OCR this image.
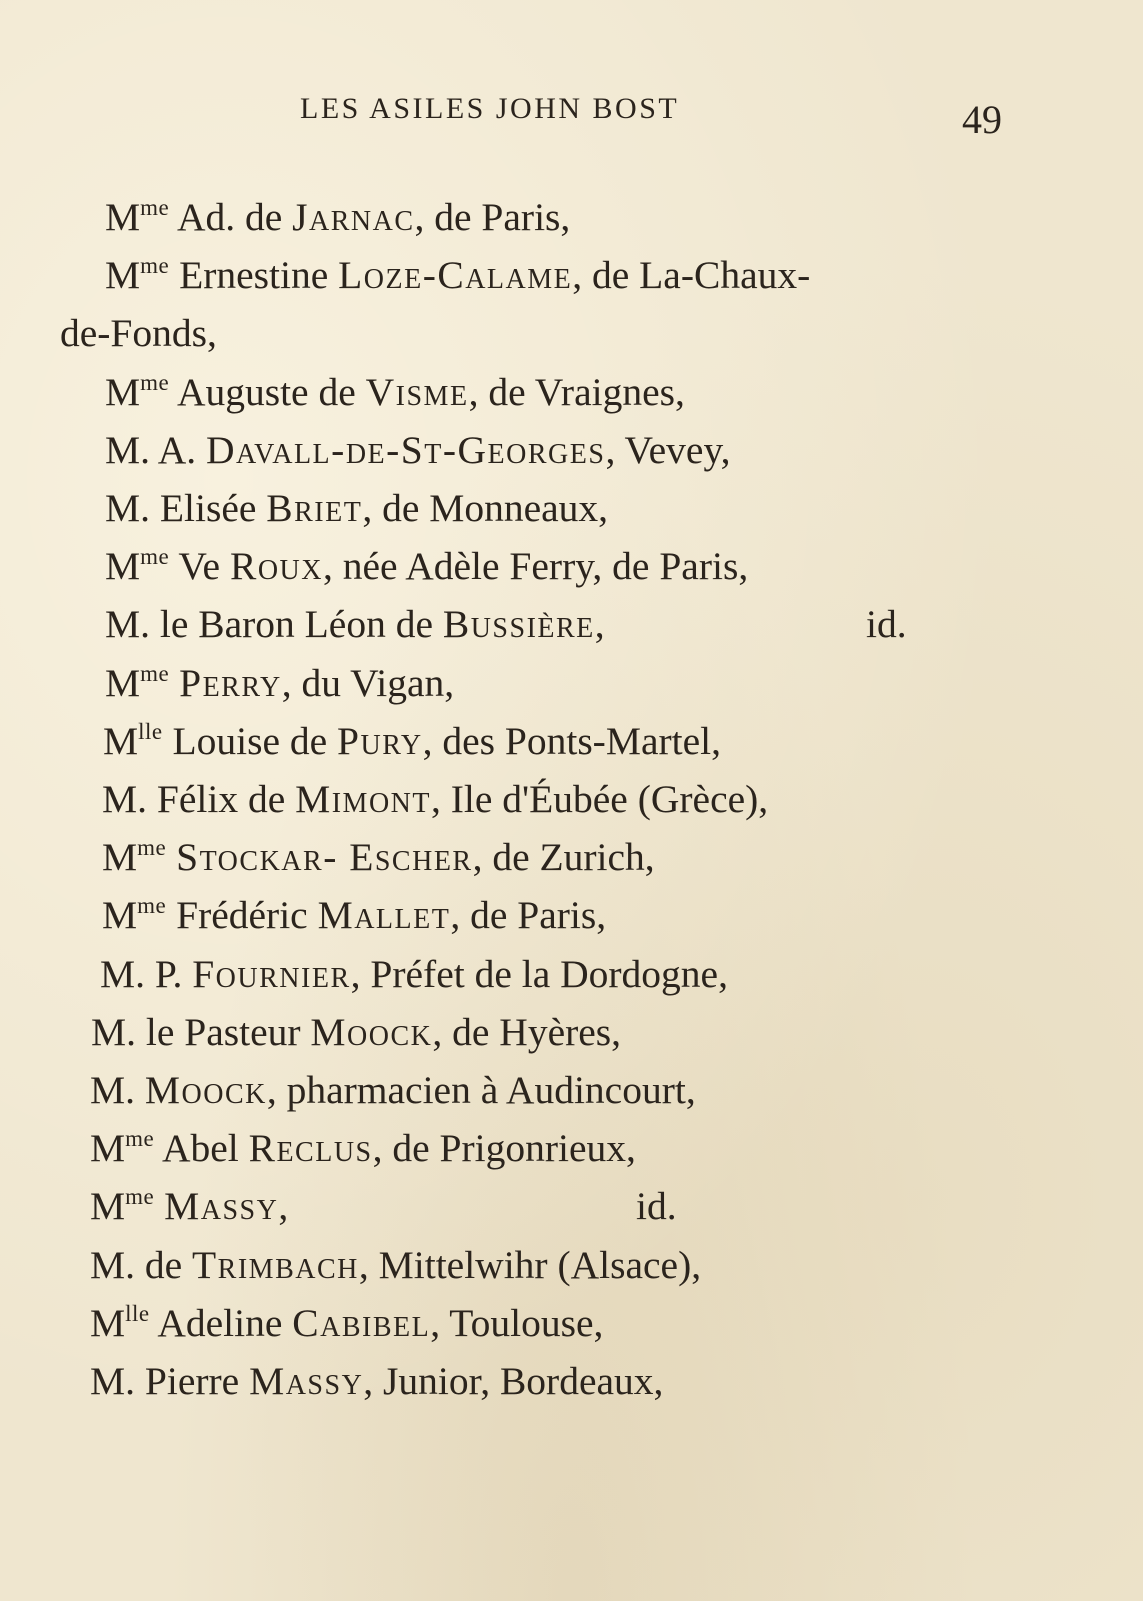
LES ASILES JOHN BOST	49
$M^{me}$ Ad. de Jarnac, de Paris,
$M^{me}$ Ernestine Loze-Calame, de La-Chaux-
de-Fonds,
$M^{me}$ Auguste de Visme, de Vraignes,
M. A. Davall-de-St-Georges, Vevey,
M. Elisée Briet, de Monneaux,
$M^{me}$ Ve Roux, née Adèle Ferry, de Paris,
M. le Baron Léon de Bussière,	id.
$M^{me}$ Perry, du Vigan,
$M^{lle}$ Louise de Pury, des Ponts-Martel,
M. Félix de Mimont, Ile d'Éubée (Grèce),
$M^{me}$ Stockar- Escher, de Zurich,
$M^{me}$ Frédéric Mallet, de Paris,
M. P. Fournier, Préfet de la Dordogne,
M. le Pasteur Moock, de Hyères,
M. Moock, pharmacien à Audincourt,
$M^{me}$ Abel Reclus, de Prigonrieux,
$M^{me}$ Massy,	id.
M. de Trimbach, Mittelwihr (Alsace),
$M^{lle}$ Adeline Cabibel, Toulouse,
M. Pierre Massy, Junior, Bordeaux,
